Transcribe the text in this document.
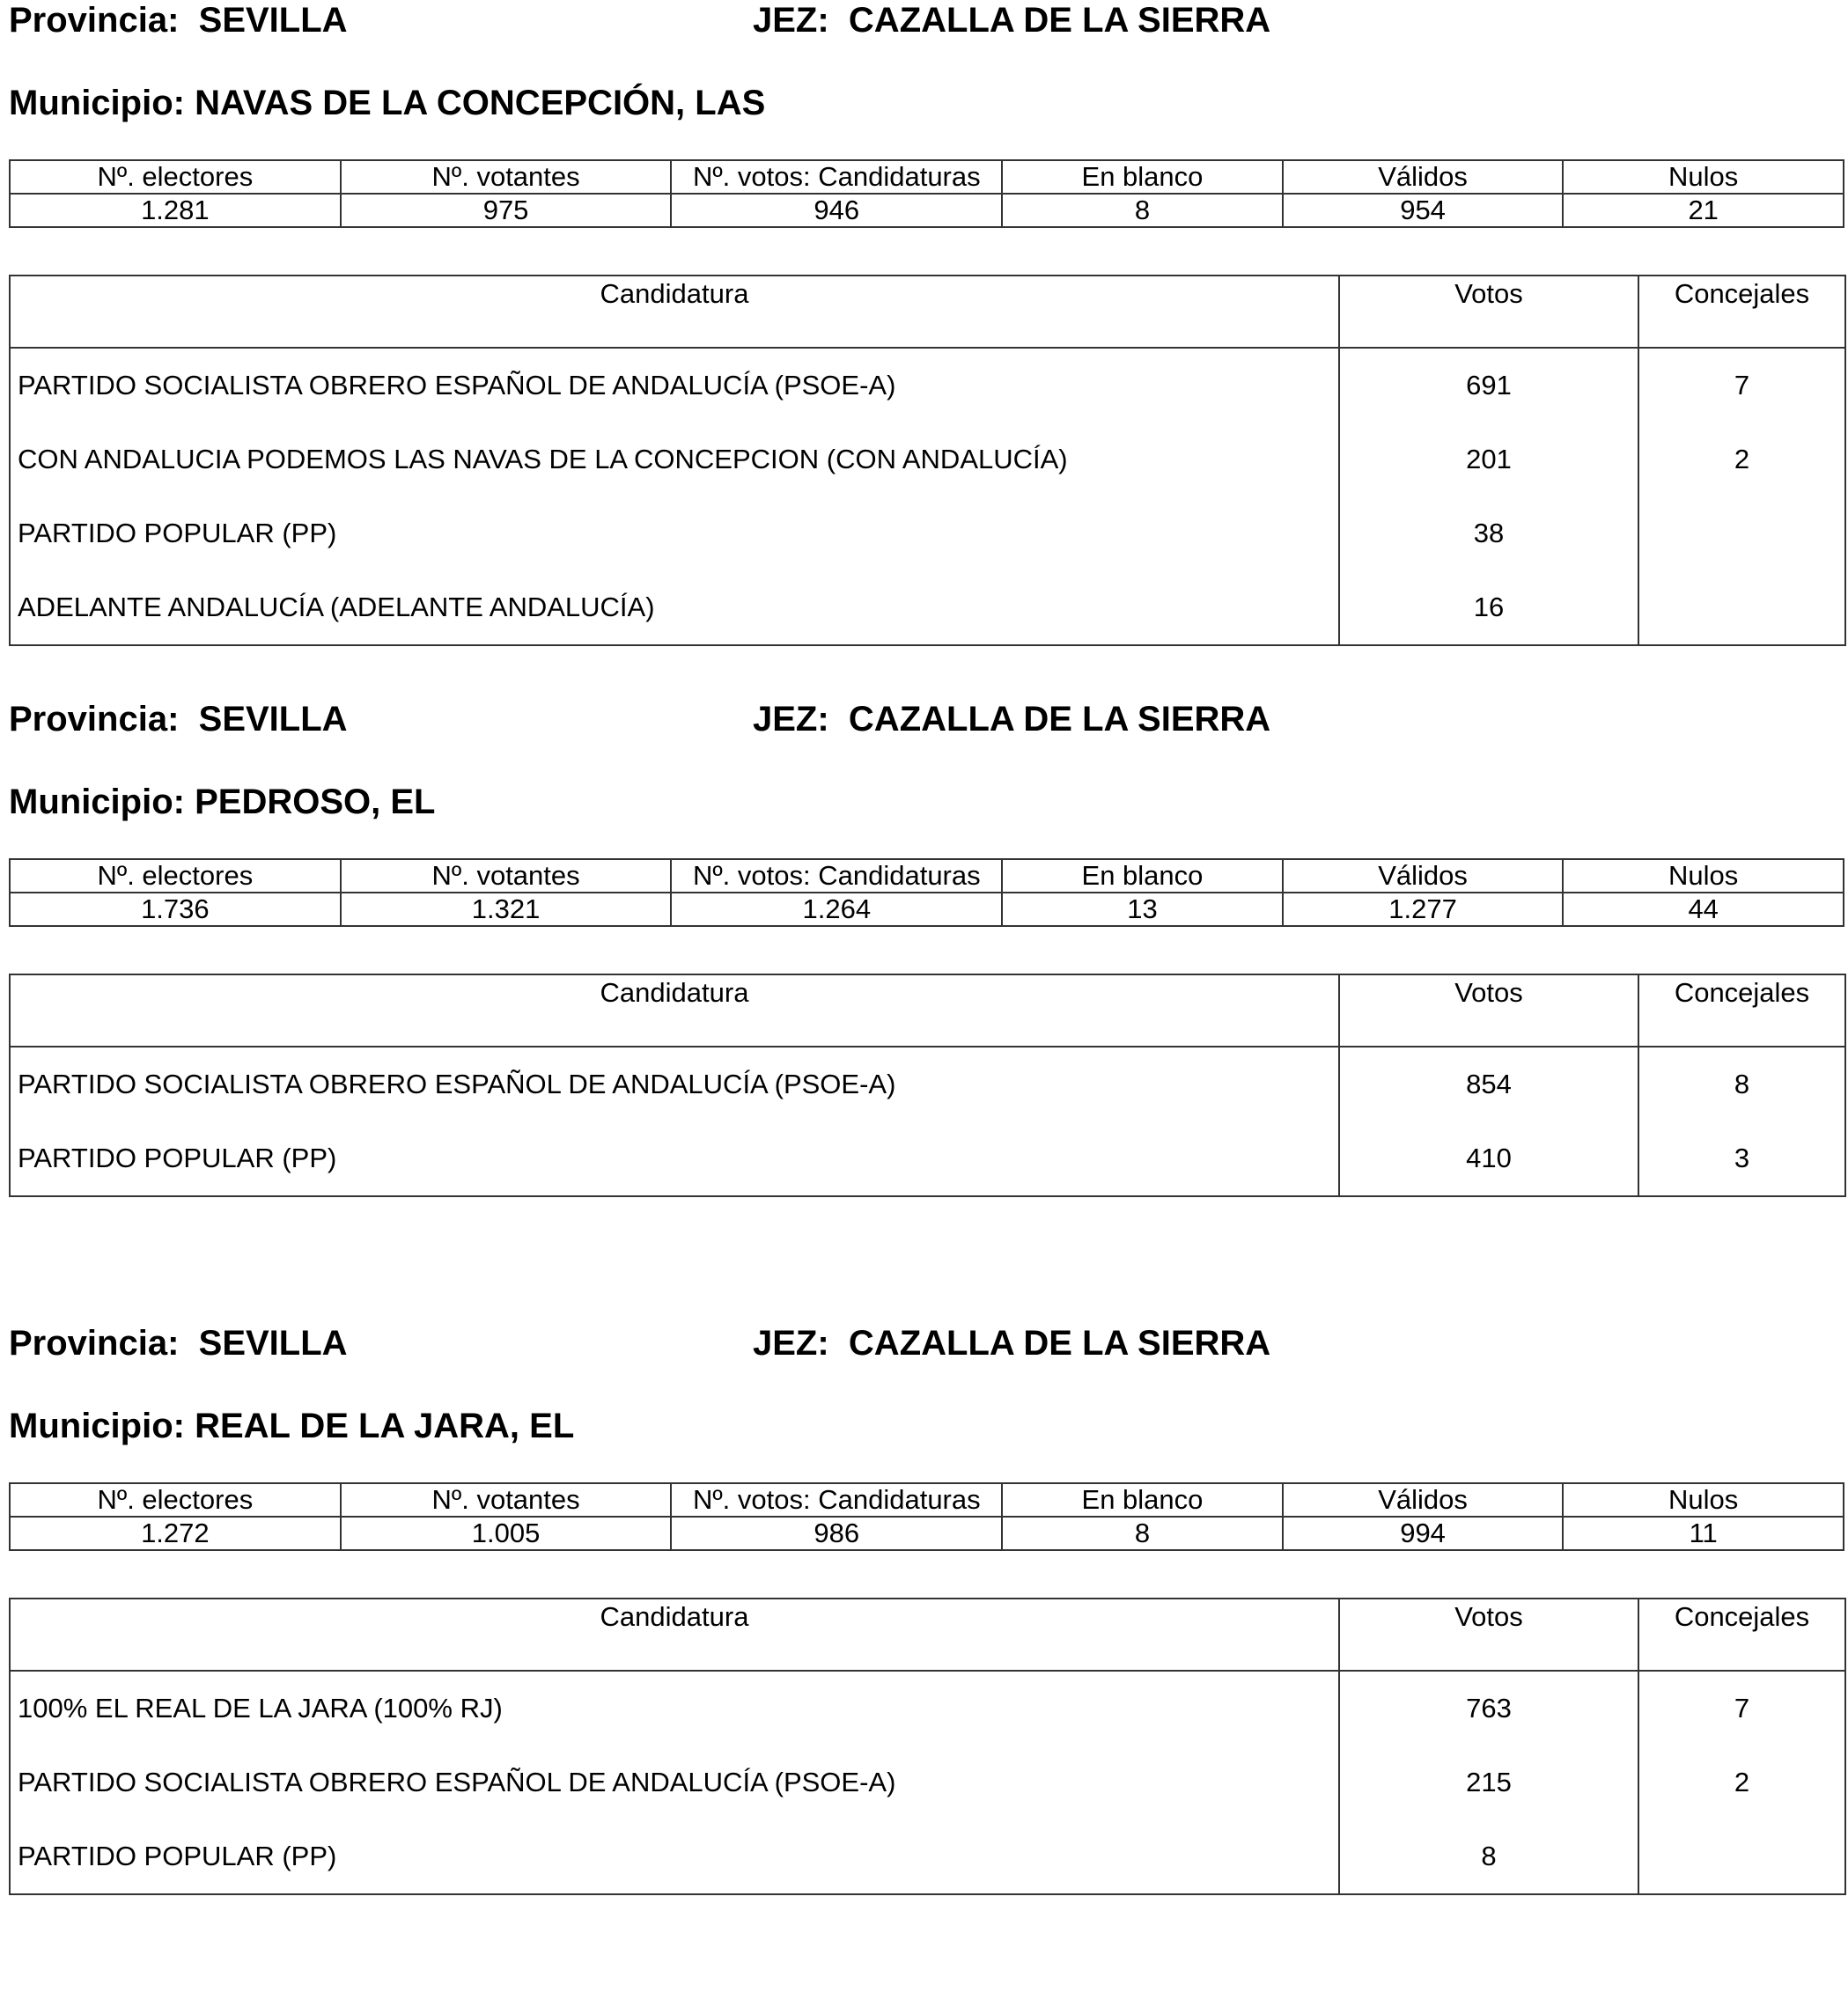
Provincia: SEVILLA	JEZ: CAZALLA DE LA SIERRA
Municipio: NAVAS DE LA CONCEPCIÓN, LAS
Nº. electores	Nº. votantes	Nº. votos: Candidaturas	En blanco	Válidos	Nulos
1.281	975	946	8	954	21
Candidatura	Votos	Concejales
PARTIDO SOCIALISTA OBRERO ESPAÑOL DE ANDALUCÍA (PSOE-A)	691	7
CON ANDALUCIA PODEMOS LAS NAVAS DE LA CONCEPCION (CON ANDALUCÍA)	201	2
PARTIDO POPULAR (PP)	38	
ADELANTE ANDALUCÍA (ADELANTE ANDALUCÍA)	16	
Provincia: SEVILLA	JEZ: CAZALLA DE LA SIERRA
Municipio: PEDROSO, EL
Nº. electores	Nº. votantes	Nº. votos: Candidaturas	En blanco	Válidos	Nulos
1.736	1.321	1.264	13	1.277	44
Candidatura	Votos	Concejales
PARTIDO SOCIALISTA OBRERO ESPAÑOL DE ANDALUCÍA (PSOE-A)	854	8
PARTIDO POPULAR (PP)	410	3
Provincia: SEVILLA	JEZ: CAZALLA DE LA SIERRA
Municipio: REAL DE LA JARA, EL
Nº. electores	Nº. votantes	Nº. votos: Candidaturas	En blanco	Válidos	Nulos
1.272	1.005	986	8	994	11
Candidatura	Votos	Concejales
100% EL REAL DE LA JARA (100% RJ)	763	7
PARTIDO SOCIALISTA OBRERO ESPAÑOL DE ANDALUCÍA (PSOE-A)	215	2
PARTIDO POPULAR (PP)	8	
